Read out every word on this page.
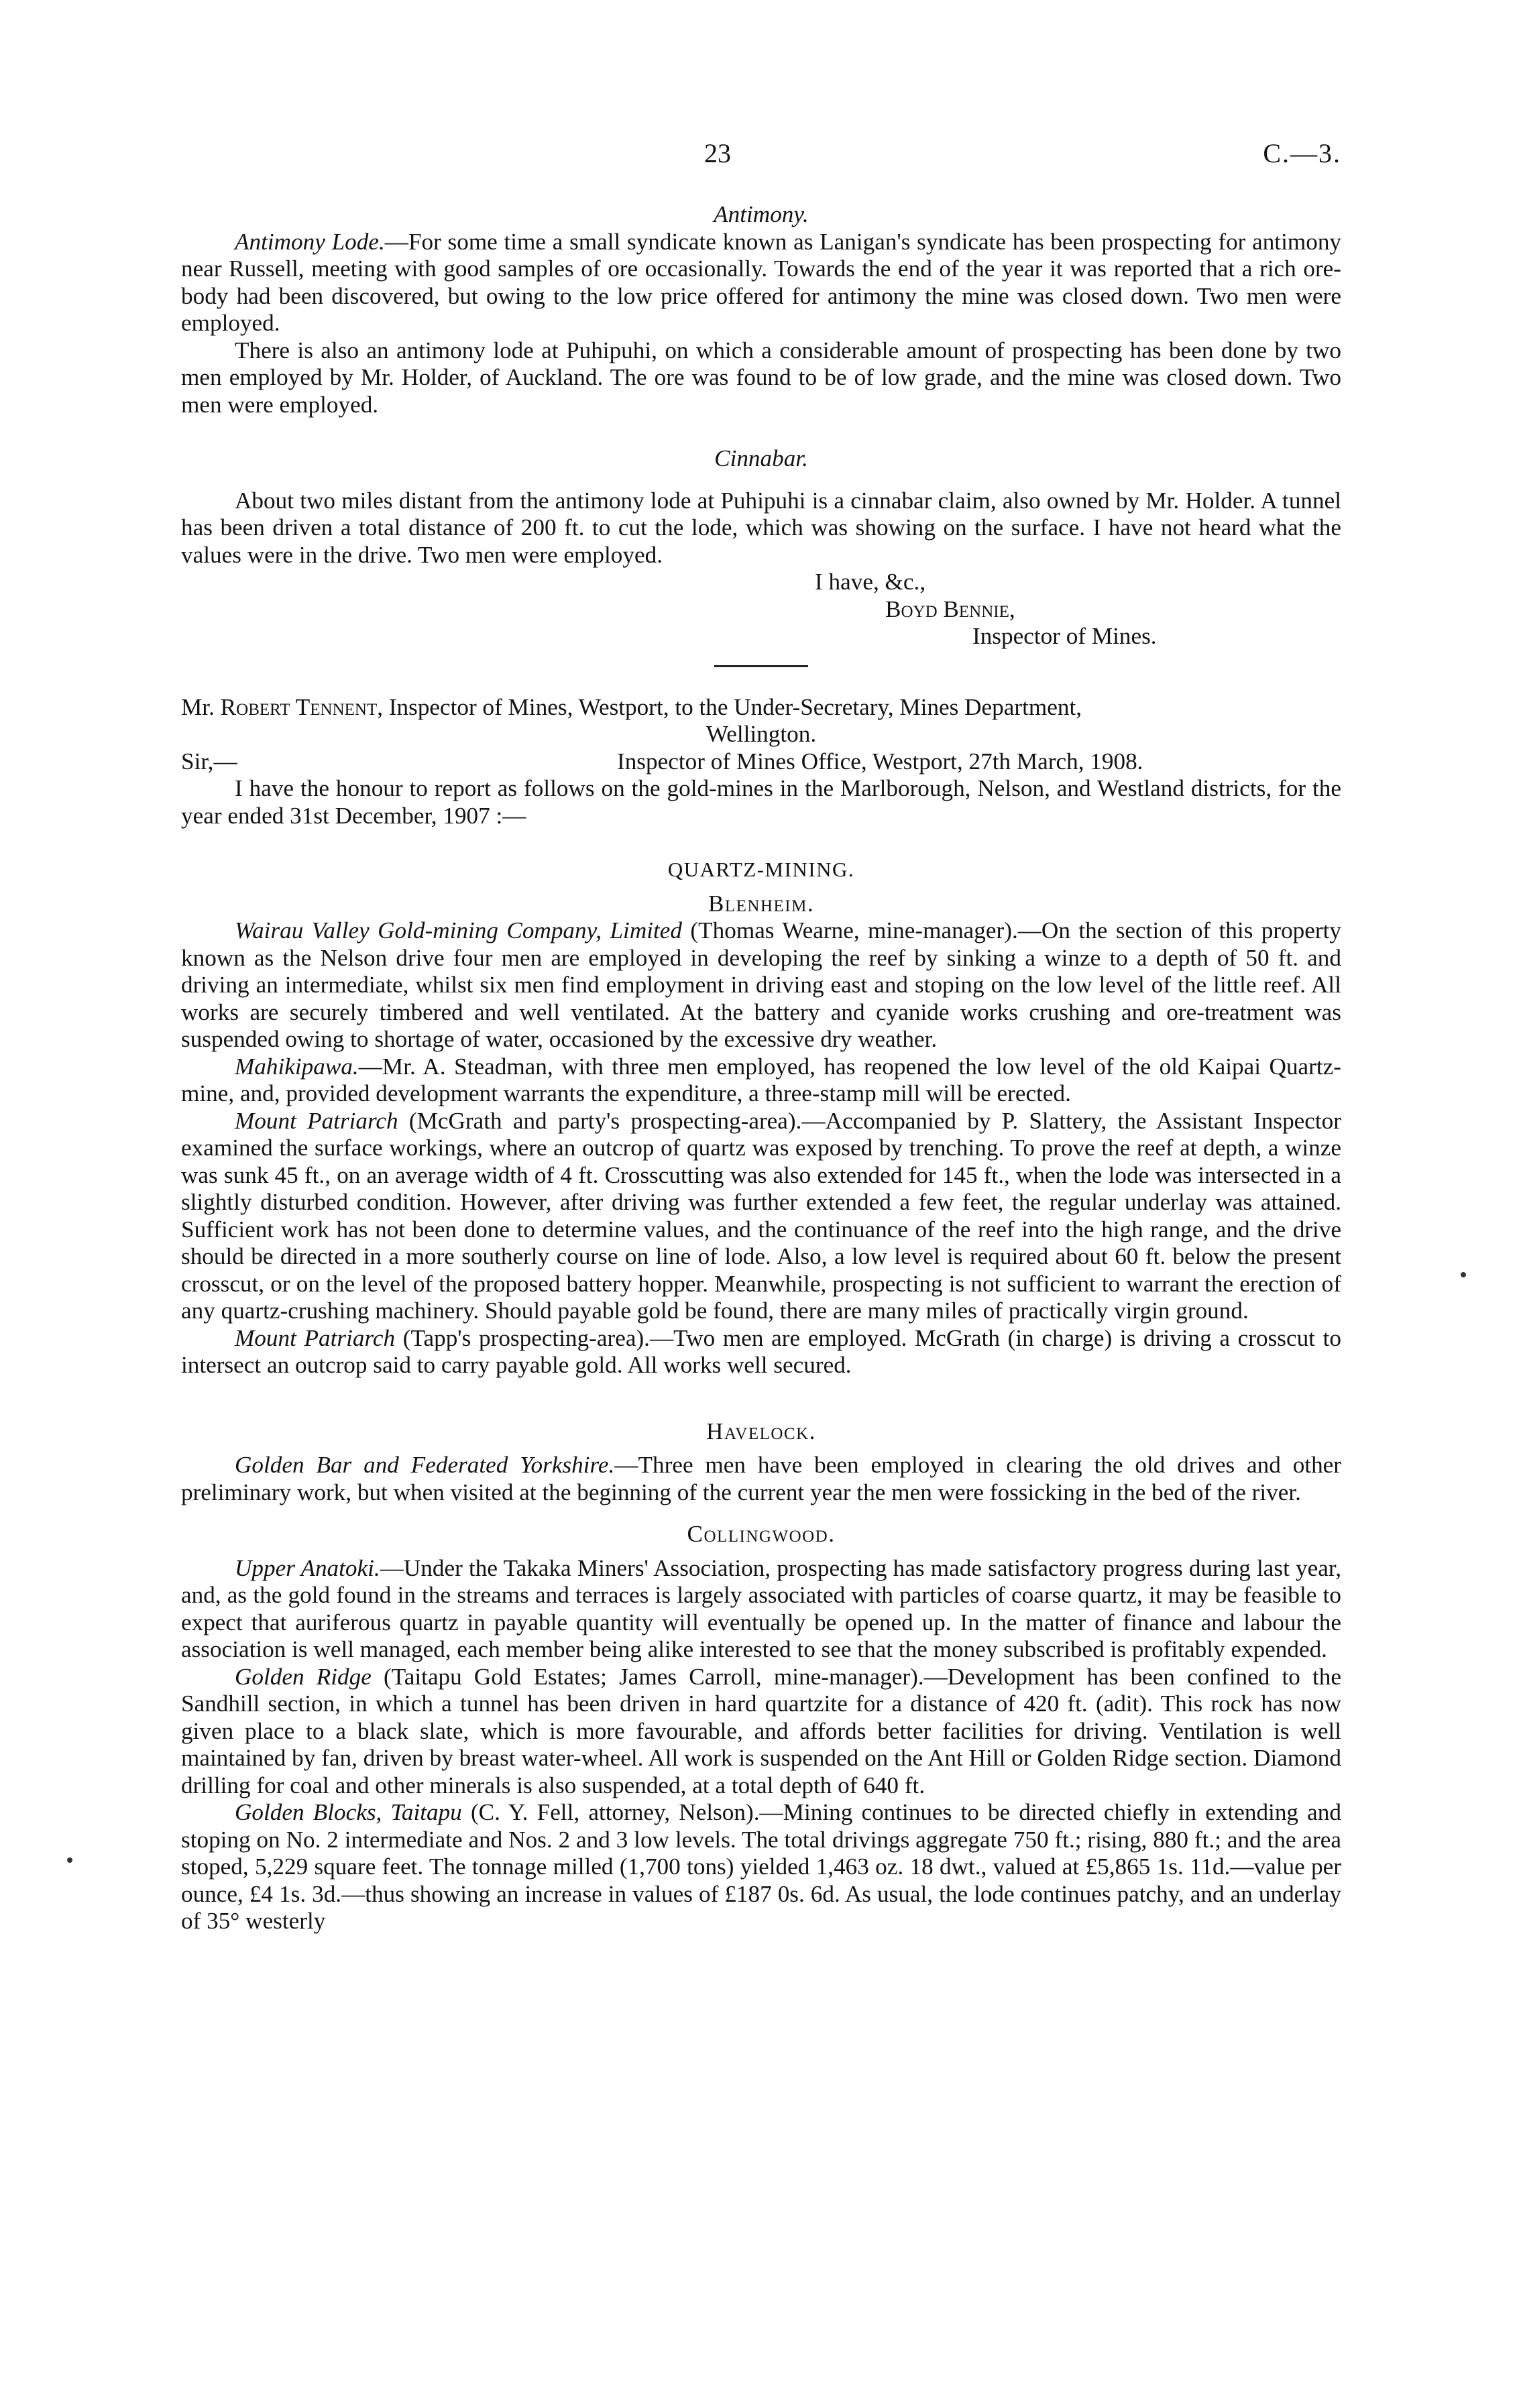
23	C.—3.

Antimony.

Antimony Lode.—For some time a small syndicate known as Lanigan's syndicate has been prospecting for antimony near Russell, meeting with good samples of ore occasionally. Towards the end of the year it was reported that a rich ore-body had been discovered, but owing to the low price offered for antimony the mine was closed down. Two men were employed.

There is also an antimony lode at Puhipuhi, on which a considerable amount of prospecting has been done by two men employed by Mr. Holder, of Auckland. The ore was found to be of low grade, and the mine was closed down. Two men were employed.

Cinnabar.

About two miles distant from the antimony lode at Puhipuhi is a cinnabar claim, also owned by Mr. Holder. A tunnel has been driven a total distance of 200 ft. to cut the lode, which was showing on the surface. I have not heard what the values were in the drive. Two men were employed.

I have, &c.,

Boyd Bennie,

Inspector of Mines.

Mr. Robert Tennent, Inspector of Mines, Westport, to the Under-Secretary, Mines Department,

Wellington.

Sir,—	Inspector of Mines Office, Westport, 27th March, 1908.

I have the honour to report as follows on the gold-mines in the Marlborough, Nelson, and Westland districts, for the year ended 31st December, 1907 :—

QUARTZ-MINING.

Blenheim.

Wairau Valley Gold-mining Company, Limited (Thomas Wearne, mine-manager).—On the section of this property known as the Nelson drive four men are employed in developing the reef by sinking a winze to a depth of 50 ft. and driving an intermediate, whilst six men find employment in driving east and stoping on the low level of the little reef. All works are securely timbered and well ventilated. At the battery and cyanide works crushing and ore-treatment was suspended owing to shortage of water, occasioned by the excessive dry weather.

Mahikipawa.—Mr. A. Steadman, with three men employed, has reopened the low level of the old Kaipai Quartz-mine, and, provided development warrants the expenditure, a three-stamp mill will be erected.

Mount Patriarch (McGrath and party's prospecting-area).—Accompanied by P. Slattery, the Assistant Inspector examined the surface workings, where an outcrop of quartz was exposed by trenching. To prove the reef at depth, a winze was sunk 45 ft., on an average width of 4 ft. Crosscutting was also extended for 145 ft., when the lode was intersected in a slightly disturbed condition. However, after driving was further extended a few feet, the regular underlay was attained. Sufficient work has not been done to determine values, and the continuance of the reef into the high range, and the drive should be directed in a more southerly course on line of lode. Also, a low level is required about 60 ft. below the present crosscut, or on the level of the proposed battery hopper. Meanwhile, prospecting is not sufficient to warrant the erection of any quartz-crushing machinery. Should payable gold be found, there are many miles of practically virgin ground.

Mount Patriarch (Tapp's prospecting-area).—Two men are employed. McGrath (in charge) is driving a crosscut to intersect an outcrop said to carry payable gold. All works well secured.

Havelock.

Golden Bar and Federated Yorkshire.—Three men have been employed in clearing the old drives and other preliminary work, but when visited at the beginning of the current year the men were fossicking in the bed of the river.

Collingwood.

Upper Anatoki.—Under the Takaka Miners' Association, prospecting has made satisfactory progress during last year, and, as the gold found in the streams and terraces is largely associated with particles of coarse quartz, it may be feasible to expect that auriferous quartz in payable quantity will eventually be opened up. In the matter of finance and labour the association is well managed, each member being alike interested to see that the money subscribed is profitably expended.

Golden Ridge (Taitapu Gold Estates; James Carroll, mine-manager).—Development has been confined to the Sandhill section, in which a tunnel has been driven in hard quartzite for a distance of 420 ft. (adit). This rock has now given place to a black slate, which is more favourable, and affords better facilities for driving. Ventilation is well maintained by fan, driven by breast water-wheel. All work is suspended on the Ant Hill or Golden Ridge section. Diamond drilling for coal and other minerals is also suspended, at a total depth of 640 ft.

Golden Blocks, Taitapu (C. Y. Fell, attorney, Nelson).—Mining continues to be directed chiefly in extending and stoping on No. 2 intermediate and Nos. 2 and 3 low levels. The total drivings aggregate 750 ft.; rising, 880 ft.; and the area stoped, 5,229 square feet. The tonnage milled (1,700 tons) yielded 1,463 oz. 18 dwt., valued at £5,865 1s. 11d.—value per ounce, £4 1s. 3d.—thus showing an increase in values of £187 0s. 6d. As usual, the lode continues patchy, and an underlay of 35° westerly
